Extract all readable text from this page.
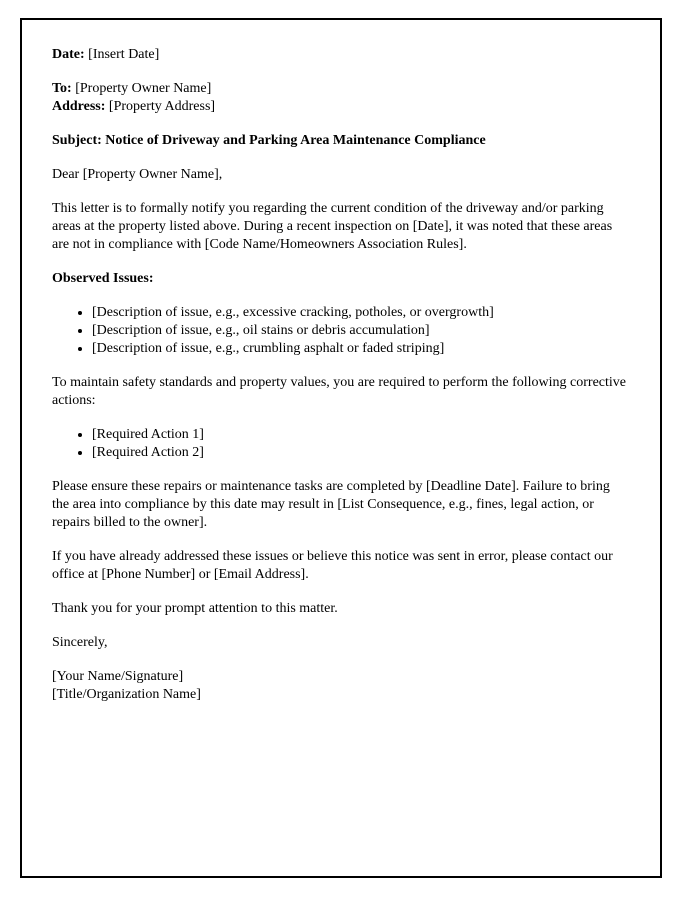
Date: [Insert Date]

To: [Property Owner Name]

Address: [Property Address]

Subject: Notice of Driveway and Parking Area Maintenance Compliance

Dear [Property Owner Name],

This letter is to formally notify you regarding the current condition of the driveway and/or parking areas at the property listed above. During a recent inspection on [Date], it was noted that these areas are not in compliance with [Code Name/Homeowners Association Rules].

Observed Issues:

• [Description of issue, e.g., excessive cracking, potholes, or overgrowth]
• [Description of issue, e.g., oil stains or debris accumulation]
• [Description of issue, e.g., crumbling asphalt or faded striping]

To maintain safety standards and property values, you are required to perform the following corrective actions:

• [Required Action 1]
• [Required Action 2]

Please ensure these repairs or maintenance tasks are completed by [Deadline Date]. Failure to bring the area into compliance by this date may result in [List Consequence, e.g., fines, legal action, or repairs billed to the owner].

If you have already addressed these issues or believe this notice was sent in error, please contact our office at [Phone Number] or [Email Address].

Thank you for your prompt attention to this matter.

Sincerely,

[Your Name/Signature]

[Title/Organization Name]
